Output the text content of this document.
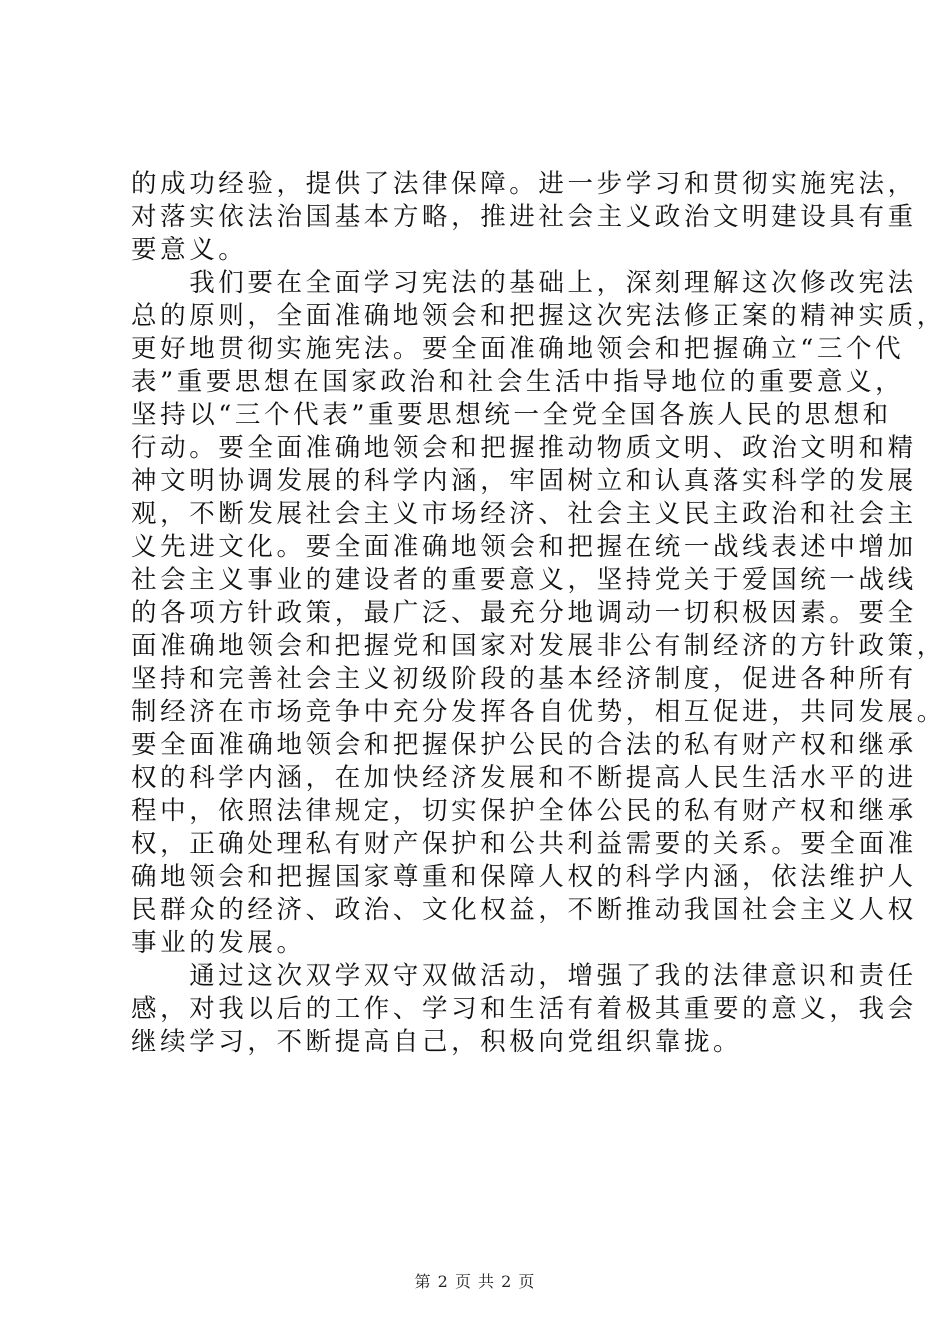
的成功经验，提供了法律保障。进一步学习和贯彻实施宪法，
对落实依法治国基本方略，推进社会主义政治文明建设具有重
要意义。
　　我们要在全面学习宪法的基础上，深刻理解这次修改宪法
总的原则，全面准确地领会和把握这次宪法修正案的精神实质，
更好地贯彻实施宪法。要全面准确地领会和把握确立“三个代
表”重要思想在国家政治和社会生活中指导地位的重要意义，
坚持以“三个代表”重要思想统一全党全国各族人民的思想和
行动。要全面准确地领会和把握推动物质文明、政治文明和精
神文明协调发展的科学内涵，牢固树立和认真落实科学的发展
观，不断发展社会主义市场经济、社会主义民主政治和社会主
义先进文化。要全面准确地领会和把握在统一战线表述中增加
社会主义事业的建设者的重要意义，坚持党关于爱国统一战线
的各项方针政策，最广泛、最充分地调动一切积极因素。要全
面准确地领会和把握党和国家对发展非公有制经济的方针政策，
坚持和完善社会主义初级阶段的基本经济制度，促进各种所有
制经济在市场竞争中充分发挥各自优势，相互促进，共同发展。
要全面准确地领会和把握保护公民的合法的私有财产权和继承
权的科学内涵，在加快经济发展和不断提高人民生活水平的进
程中，依照法律规定，切实保护全体公民的私有财产权和继承
权，正确处理私有财产保护和公共利益需要的关系。要全面准
确地领会和把握国家尊重和保障人权的科学内涵，依法维护人
民群众的经济、政治、文化权益，不断推动我国社会主义人权
事业的发展。
　　通过这次双学双守双做活动，增强了我的法律意识和责任
感，对我以后的工作、学习和生活有着极其重要的意义，我会
继续学习，不断提高自己，积极向党组织靠拢。
第 2 页 共 2 页
